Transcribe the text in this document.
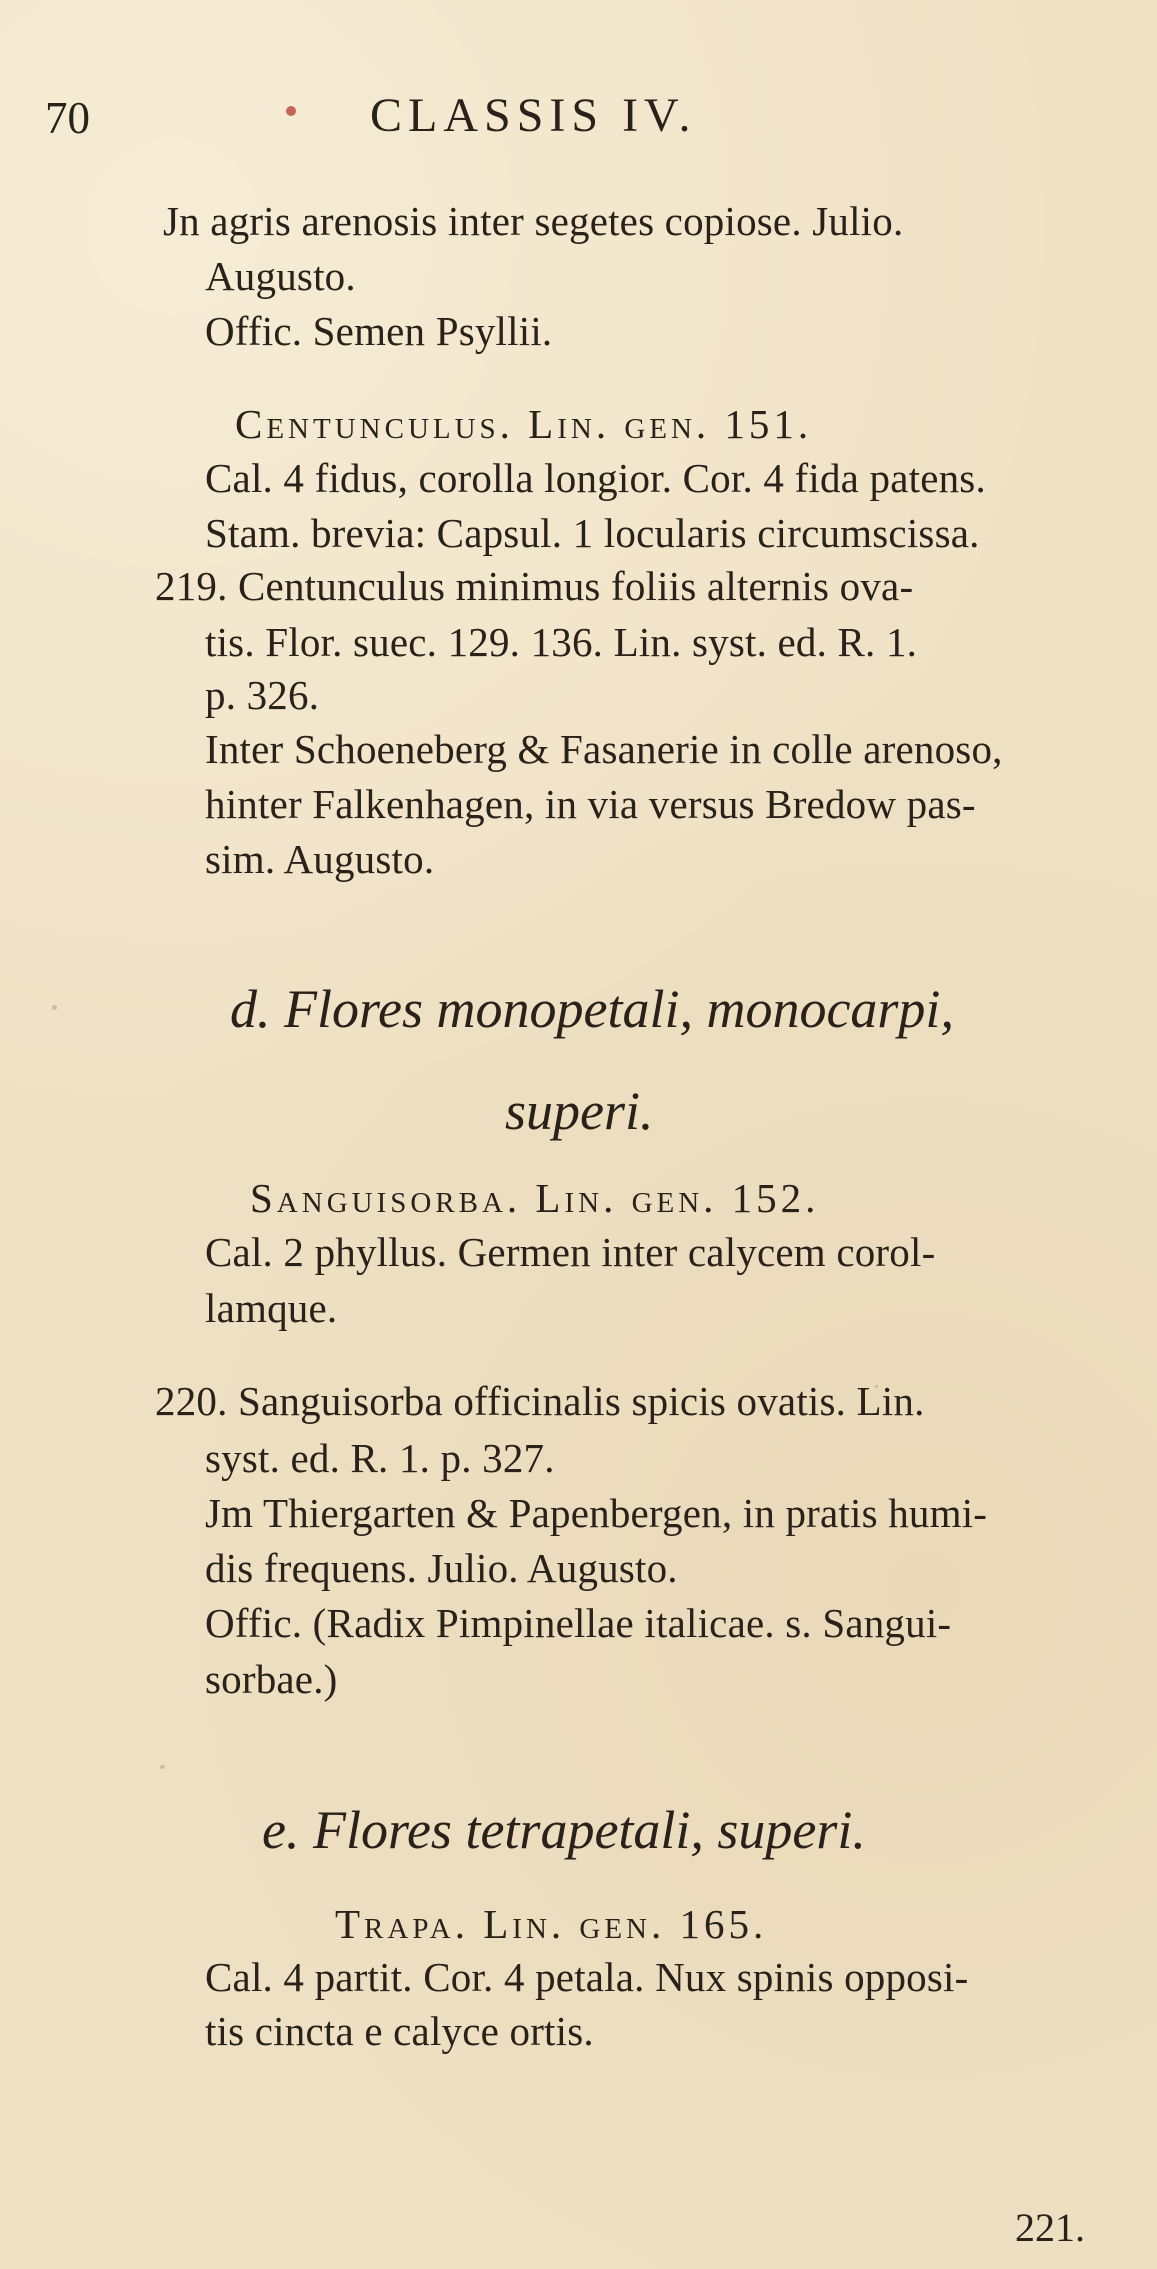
70	CLASSIS IV.
Jn agris arenosis inter segetes copiose. Julio.
Augusto.
Offic. Semen Psyllii.
Centunculus. Lin. gen. 151.
Cal. 4 fidus, corolla longior. Cor. 4 fida patens.
Stam. brevia: Capsul. 1 locularis circumscissa.
219. Centunculus minimus foliis alternis ova-
tis. Flor. suec. 129. 136. Lin. syst. ed. R. 1.
p. 326.
Inter Schoeneberg & Fasanerie in colle arenoso,
hinter Falkenhagen, in via versus Bredow pas-
sim. Augusto.
d. Flores monopetali, monocarpi,
superi.
Sanguisorba. Lin. gen. 152.
Cal. 2 phyllus. Germen inter calycem corol-
lamque.
220. Sanguisorba officinalis spicis ovatis. Lin.
syst. ed. R. 1. p. 327.
Jm Thiergarten & Papenbergen, in pratis humi-
dis frequens. Julio. Augusto.
Offic. (Radix Pimpinellae italicae. s. Sangui-
sorbae.)
e. Flores tetrapetali, superi.
Trapa. Lin. gen. 165.
Cal. 4 partit. Cor. 4 petala. Nux spinis opposi-
tis cincta e calyce ortis.
221.
